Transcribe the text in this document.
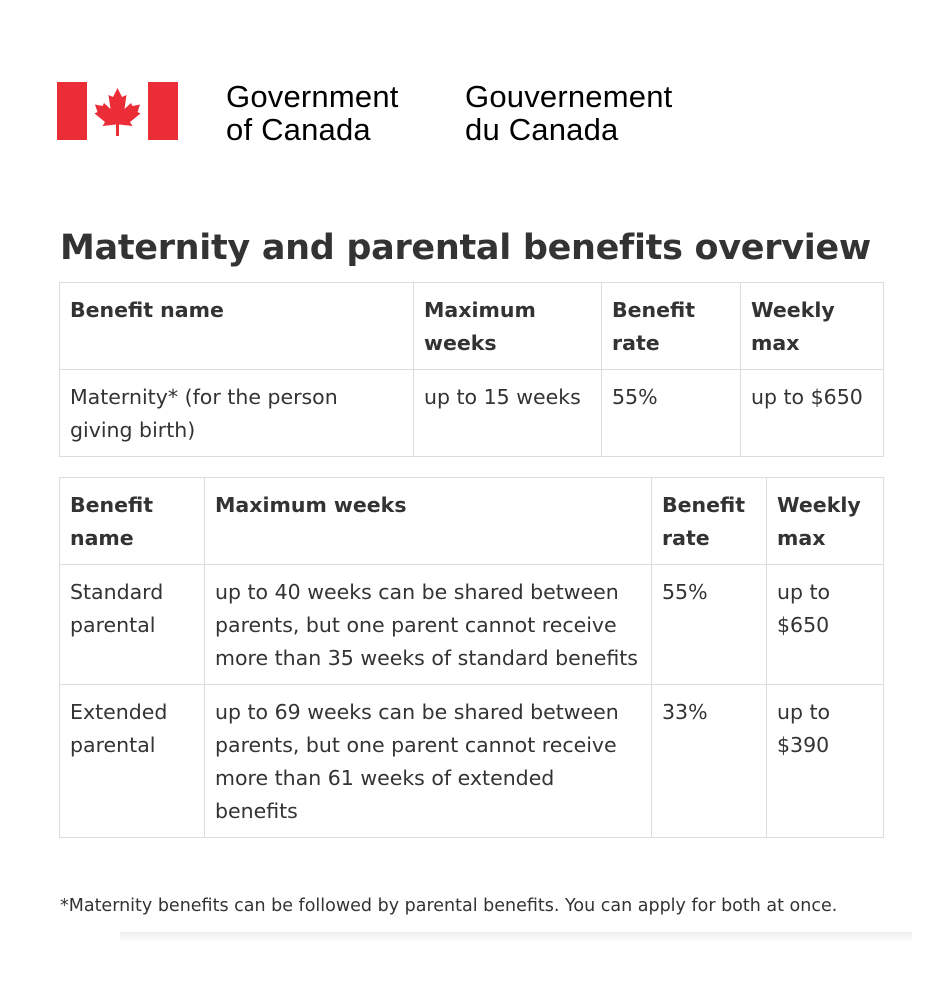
Government
of Canada
Gouvernement
du Canada
Maternity and parental benefits overview
Benefit name	Maximum weeks	Benefit rate	Weekly max
Maternity* (for the person giving birth)	up to 15 weeks	55%	up to $650
Benefit name	Maximum weeks	Benefit rate	Weekly max
Standard parental	up to 40 weeks can be shared between parents, but one parent cannot receive more than 35 weeks of standard benefits	55%	up to $650
Extended parental	up to 69 weeks can be shared between parents, but one parent cannot receive more than 61 weeks of extended benefits	33%	up to $390

*Maternity benefits can be followed by parental benefits. You can apply for both at once.
